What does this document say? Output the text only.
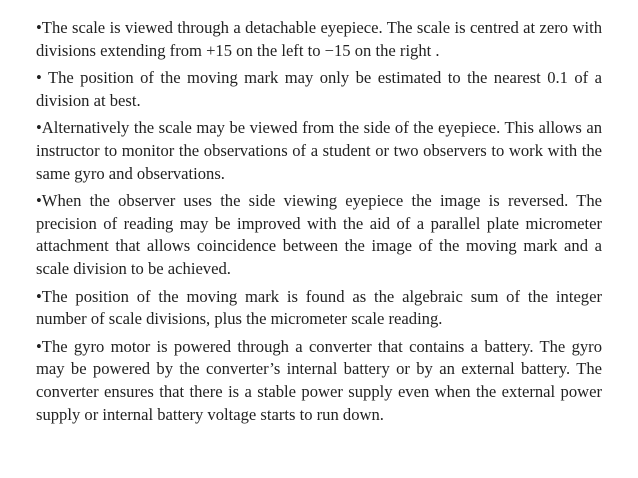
•The scale is viewed through a detachable eyepiece. The scale is centred at zero with divisions extending from +15 on the left to −15 on the right .

• The position of the moving mark may only be estimated to the nearest 0.1 of a division at best.

•Alternatively the scale may be viewed from the side of the eyepiece. This allows an instructor to monitor the observations of a student or two observers to work with the same gyro and observations.

•When the observer uses the side viewing eyepiece the image is reversed. The precision of reading may be improved with the aid of a parallel plate micrometer attachment that allows coincidence between the image of the moving mark and a scale division to be achieved.

•The position of the moving mark is found as the algebraic sum of the integer number of scale divisions, plus the micrometer scale reading.

•The gyro motor is powered through a converter that contains a battery. The gyro may be powered by the converter’s internal battery or by an external battery. The converter ensures that there is a stable power supply even when the external power supply or internal battery voltage starts to run down.
